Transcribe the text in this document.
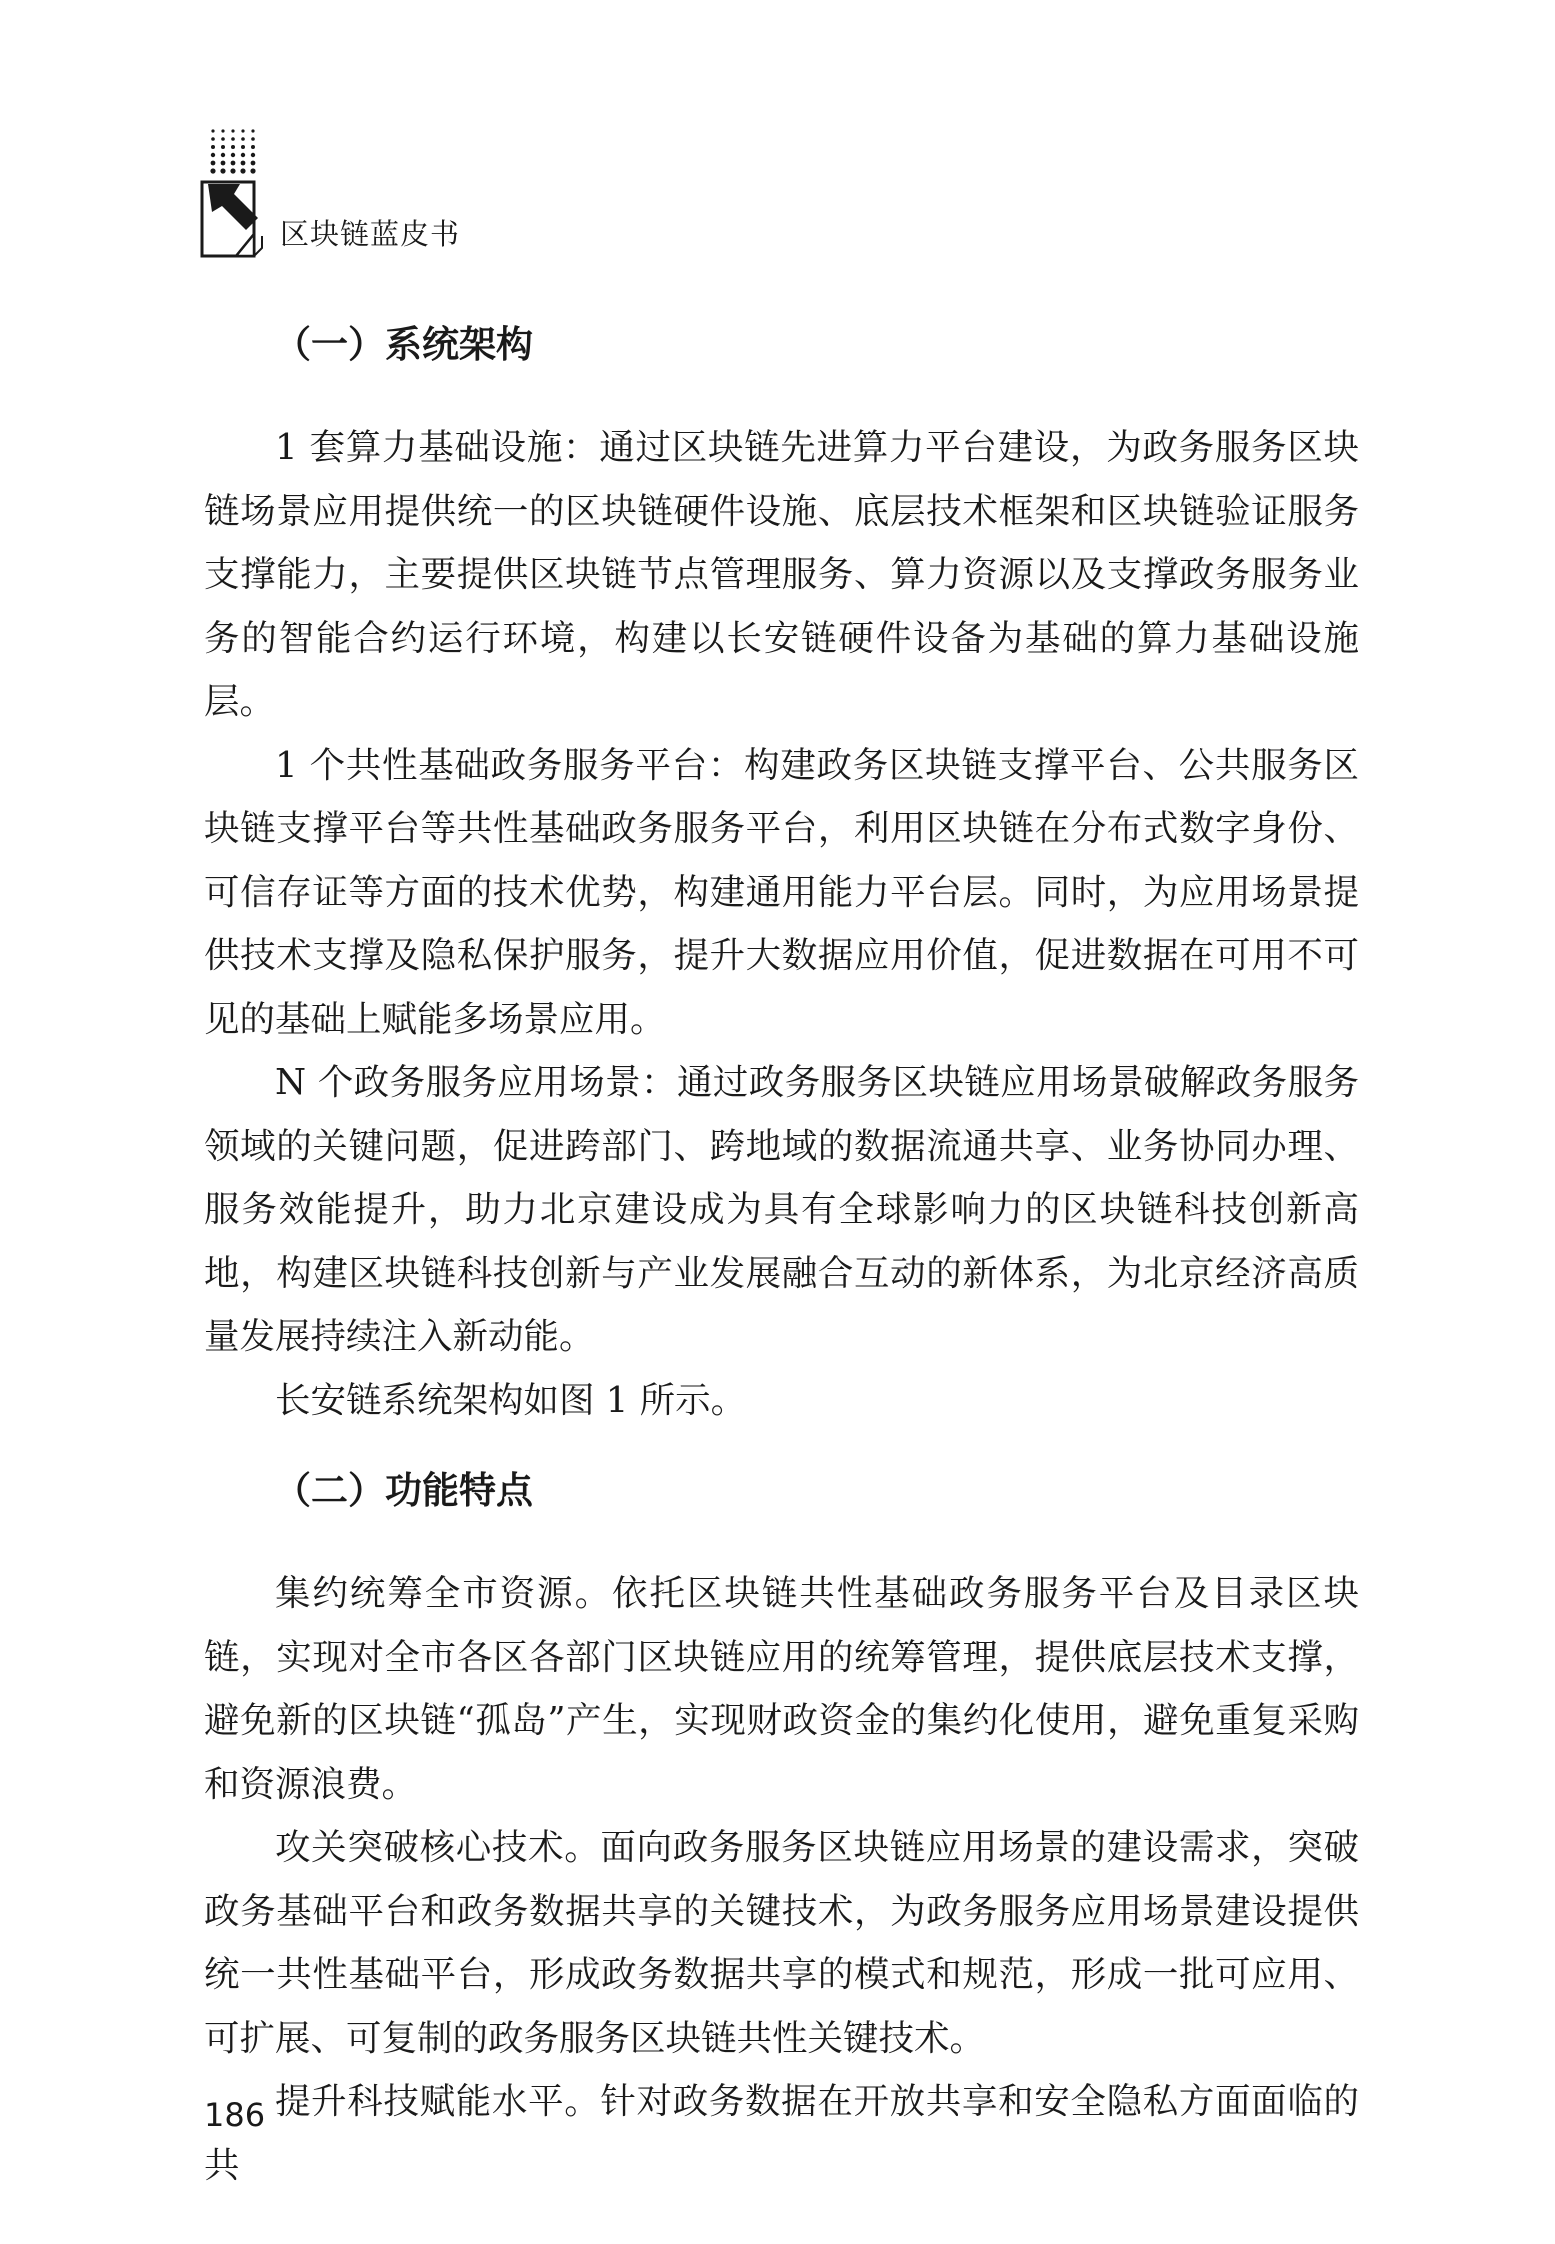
区块链蓝皮书
（一）系统架构

1 套算力基础设施：通过区块链先进算力平台建设，为政务服务区块链场景应用提供统一的区块链硬件设施、底层技术框架和区块链验证服务支撑能力，主要提供区块链节点管理服务、算力资源以及支撑政务服务业务的智能合约运行环境，构建以长安链硬件设备为基础的算力基础设施层。

1 个共性基础政务服务平台：构建政务区块链支撑平台、公共服务区块链支撑平台等共性基础政务服务平台，利用区块链在分布式数字身份、可信存证等方面的技术优势，构建通用能力平台层。同时，为应用场景提供技术支撑及隐私保护服务，提升大数据应用价值，促进数据在可用不可见的基础上赋能多场景应用。

N 个政务服务应用场景：通过政务服务区块链应用场景破解政务服务领域的关键问题，促进跨部门、跨地域的数据流通共享、业务协同办理、服务效能提升，助力北京建设成为具有全球影响力的区块链科技创新高地，构建区块链科技创新与产业发展融合互动的新体系，为北京经济高质量发展持续注入新动能。

长安链系统架构如图 1 所示。

（二）功能特点

集约统筹全市资源。依托区块链共性基础政务服务平台及目录区块链，实现对全市各区各部门区块链应用的统筹管理，提供底层技术支撑，避免新的区块链“孤岛”产生，实现财政资金的集约化使用，避免重复采购和资源浪费。

攻关突破核心技术。面向政务服务区块链应用场景的建设需求，突破政务基础平台和政务数据共享的关键技术，为政务服务应用场景建设提供统一共性基础平台，形成政务数据共享的模式和规范，形成一批可应用、可扩展、可复制的政务服务区块链共性关键技术。

提升科技赋能水平。针对政务数据在开放共享和安全隐私方面面临的共

186
